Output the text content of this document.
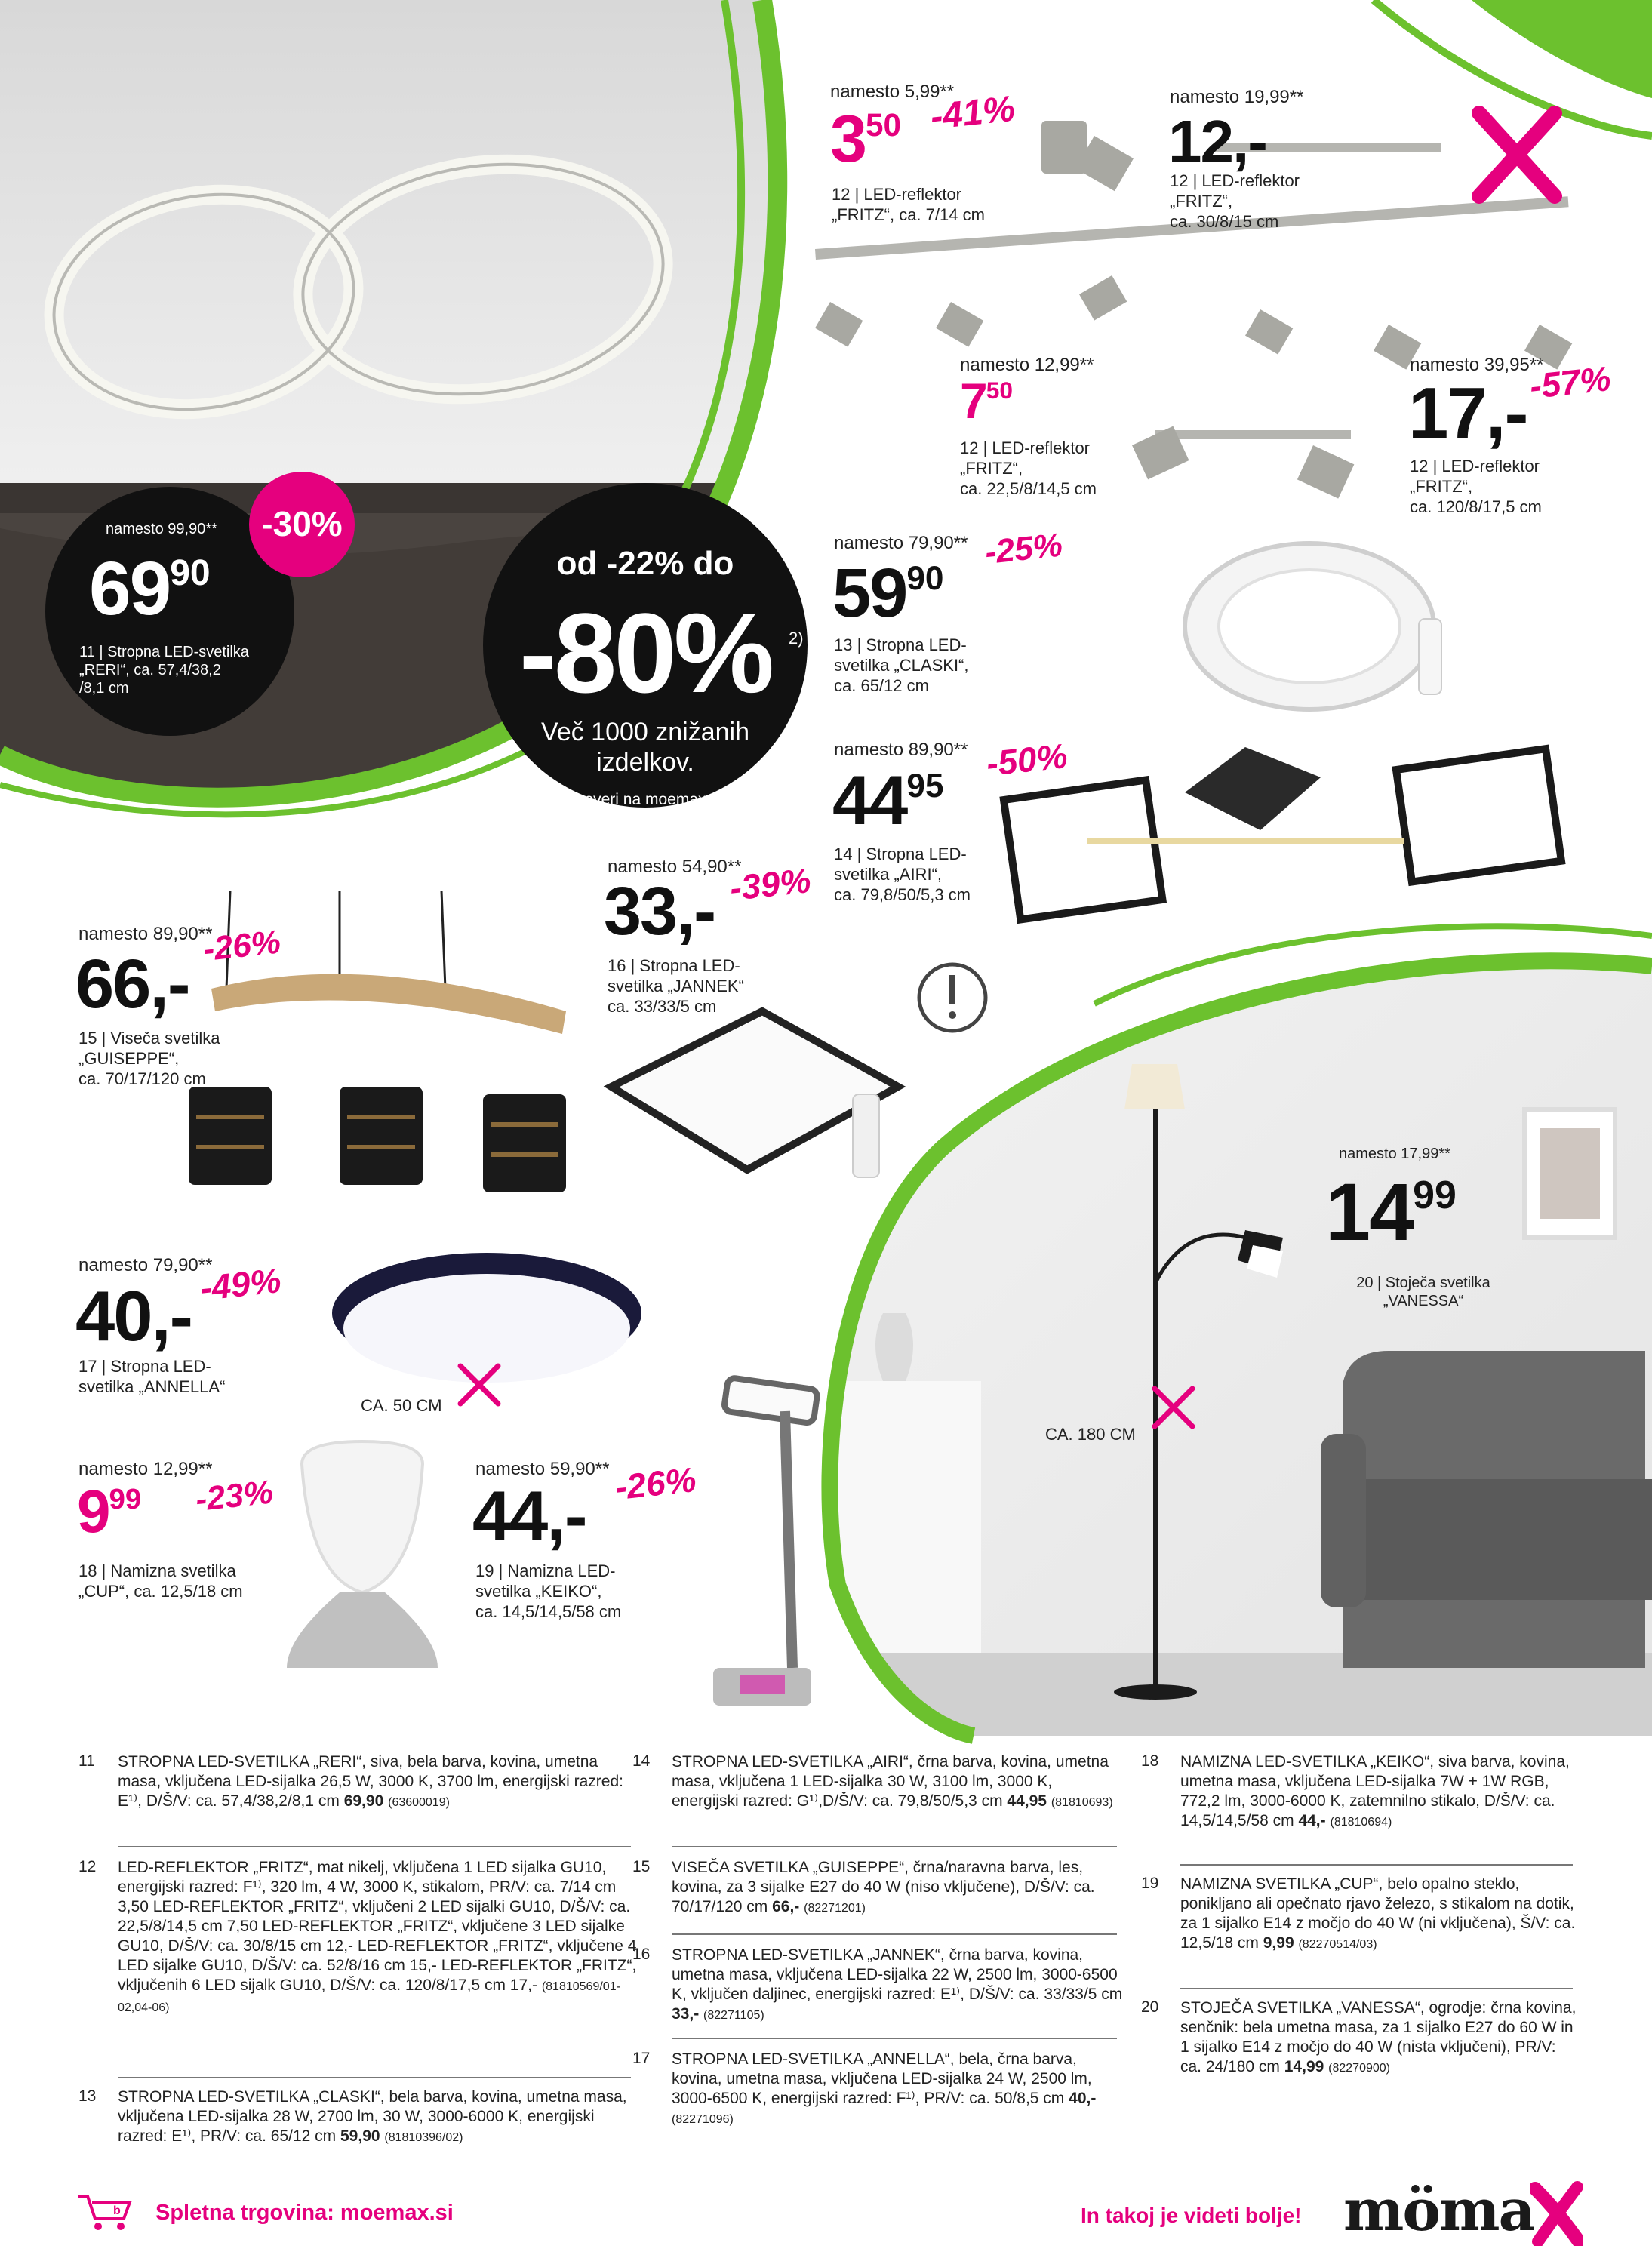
od -22% do
-80%	2)
Več 1000 znižanih
izdelkov.
Preveri na moemax.si
-30%
namesto 99,90**
$69^{90}$
11 | Stropna LED-svetilka
„RERI“, ca. 57,4/38,2
/8,1 cm
namesto 5,99**
$3^{50}$ -41%
12 | LED-reflektor
„FRITZ“, ca. 7/14 cm
namesto 19,99**
12,-
12 | LED-reflektor
„FRITZ“,
ca. 30/8/15 cm
namesto 12,99**
$7^{50}$
12 | LED-reflektor
„FRITZ“,
ca. 22,5/8/14,5 cm
namesto 39,95**
-57%
17,-
12 | LED-reflektor
„FRITZ“,
ca. 120/8/17,5 cm
namesto 79,90** -25%
$59^{90}$
13 | Stropna LED-
svetilka „CLASKI“,
ca. 65/12 cm
namesto 89,90** -50%
$44^{95}$
14 | Stropna LED-
svetilka „AIRI“,
ca. 79,8/50/5,3 cm
namesto 54,90**
-39%
33,-
16 | Stropna LED-
svetilka „JANNEK“
ca. 33/33/5 cm
namesto 89,90**
-26%
66,-
15 | Viseča svetilka
„GUISEPPE“,
ca. 70/17/120 cm
namesto 17,99**
$14^{99}$
20 | Stoječa svetilka
„VANESSA“
namesto 79,90**
-49%
40,-
17 | Stropna LED-
svetilka „ANNELLA“
CA. 50 CM
namesto 12,99**
$9^{99}$ -23%
18 | Namizna svetilka
„CUP“, ca. 12,5/18 cm
namesto 59,90** -26%
44,-
19 | Namizna LED-
svetilka „KEIKO“,
ca. 14,5/14,5/58 cm
CA. 180 CM
11 STROPNA LED-SVETILKA „RERI“, siva, bela barva, kovina, umetna masa, vključena LED-sijalka 26,5 W, 3000 K, 3700 lm, energijski razred: E¹⁾, D/Š/V: ca. 57,4/38,2/8,1 cm 69,90 (63600019)
12 LED-REFLEKTOR „FRITZ“, mat nikelj, vključena 1 LED sijalka GU10, energijski razred: F¹⁾, 320 lm, 4 W, 3000 K, stikalom, PR/V: ca. 7/14 cm 3,50 LED-REFLEKTOR „FRITZ“, vključeni 2 LED sijalki GU10, D/Š/V: ca. 22,5/8/14,5 cm 7,50 LED-REFLEKTOR „FRITZ“, vključene 3 LED sijalke GU10, D/Š/V: ca. 30/8/15 cm 12,- LED-REFLEKTOR „FRITZ“, vključene 4 LED sijalke GU10, D/Š/V: ca. 52/8/16 cm 15,- LED-REFLEKTOR „FRITZ“, vključenih 6 LED sijalk GU10, D/Š/V: ca. 120/8/17,5 cm 17,- (81810569/01-02,04-06)
13 STROPNA LED-SVETILKA „CLASKI“, bela barva, kovina, umetna masa, vključena LED-sijalka 28 W, 2700 lm, 30 W, 3000-6000 K, energijski razred: E¹⁾, PR/V: ca. 65/12 cm 59,90 (81810396/02)
14 STROPNA LED-SVETILKA „AIRI“, črna barva, kovina, umetna masa, vključena 1 LED-sijalka 30 W, 3100 lm, 3000 K, energijski razred: G¹⁾,D/Š/V: ca. 79,8/50/5,3 cm 44,95 (81810693)
15 VISEČA SVETILKA „GUISEPPE“, črna/naravna barva, les, kovina, za 3 sijalke E27 do 40 W (niso vključene), D/Š/V: ca. 70/17/120 cm 66,- (82271201)
16 STROPNA LED-SVETILKA „JANNEK“, črna barva, kovina, umetna masa, vključena LED-sijalka 22 W, 2500 lm, 3000-6500 K, vključen daljinec, energijski razred: E¹⁾, D/Š/V: ca. 33/33/5 cm 33,- (82271105)
17 STROPNA LED-SVETILKA „ANNELLA“, bela, črna barva, kovina, umetna masa, vključena LED-sijalka 24 W, 2500 lm, 3000-6500 K, energijski razred: F¹⁾, PR/V: ca. 50/8,5 cm 40,- (82271096)
18 NAMIZNA LED-SVETILKA „KEIKO“, siva barva, kovina, umetna masa, vključena LED-sijalka 7W + 1W RGB, 772,2 lm, 3000-6000 K, zatemnilno stikalo, D/Š/V: ca. 14,5/14,5/58 cm 44,- (81810694)
19 NAMIZNA SVETILKA „CUP“, belo opalno steklo, ponikljano ali opečnato rjavo železo, s stikalom na dotik, za 1 sijalko E14 z močjo do 40 W (ni vključena), Š/V: ca. 12,5/18 cm 9,99 (82270514/03)
20 STOJEČA SVETILKA „VANESSA“, ogrodje: črna kovina, senčnik: bela umetna masa, za 1 sijalko E27 do 60 W in 1 sijalko E14 z močjo do 40 W (nista vključeni), PR/V: ca. 24/180 cm 14,99 (82270900)
b Spletna trgovina: moemax.si	In takoj je videti bolje! möma
